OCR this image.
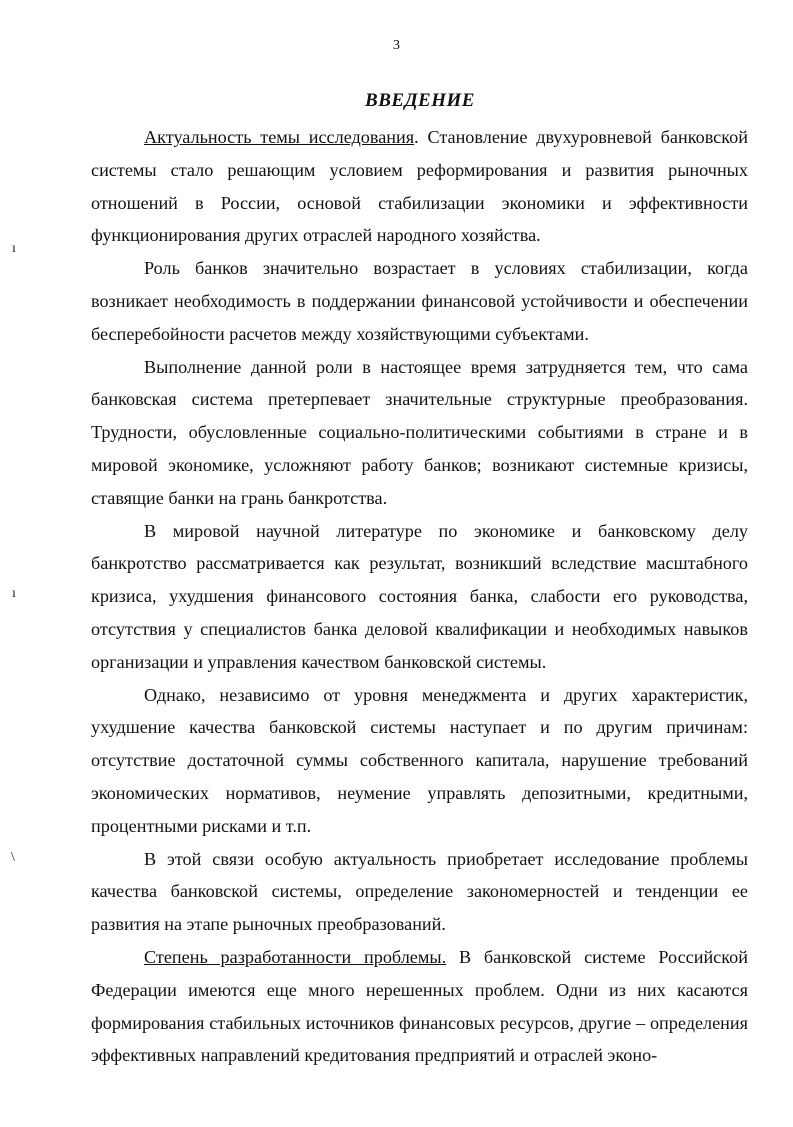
3
ВВЕДЕНИЕ
ı
ı
\

Актуальность темы исследования. Становление двухуровневой банковской системы стало решающим условием реформирования и развития рыночных отношений в России, основой стабилизации экономики и эффективности функционирования других отраслей народного хозяйства.

Роль банков значительно возрастает в условиях стабилизации, когда возникает необходимость в поддержании финансовой устойчивости и обеспечении бесперебойности расчетов между хозяйствующими субъектами.

Выполнение данной роли в настоящее время затрудняется тем, что сама банковская система претерпевает значительные структурные преобразования. Трудности, обусловленные социально-политическими событиями в стране и в мировой экономике, усложняют работу банков; возникают системные кризисы, ставящие банки на грань банкротства.

В мировой научной литературе по экономике и банковскому делу банкротство рассматривается как результат, возникший вследствие масштабного кризиса, ухудшения финансового состояния банка, слабости его руководства, отсутствия у специалистов банка деловой квалификации и необходимых навыков организации и управления качеством банковской системы.

Однако, независимо от уровня менеджмента и других характеристик, ухудшение качества банковской системы наступает и по другим причинам: отсутствие достаточной суммы собственного капитала, нарушение требований экономических нормативов, неумение управлять депозитными, кредитными, процентными рисками и т.п.

В этой связи особую актуальность приобретает исследование проблемы качества банковской системы, определение закономерностей и тенденции ее развития на этапе рыночных преобразований.

Степень разработанности проблемы. В банковской системе Российской Федерации имеются еще много нерешенных проблем. Одни из них касаются формирования стабильных источников финансовых ресурсов, другие – определения эффективных направлений кредитования предприятий и отраслей эконо-
